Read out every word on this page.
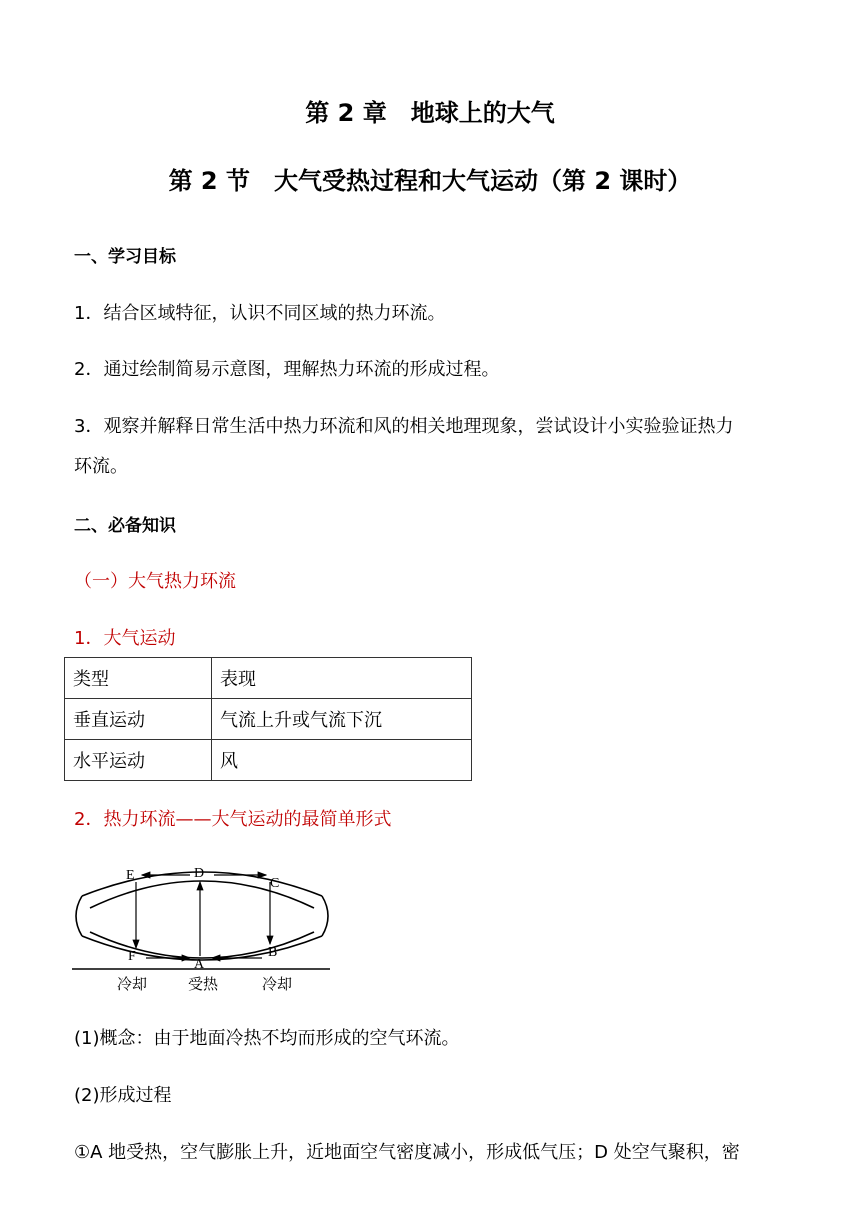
第 2 章　地球上的大气
第 2 节　大气受热过程和大气运动（第 2 课时）
一、学习目标
1．结合区域特征，认识不同区域的热力环流。
2．通过绘制简易示意图，理解热力环流的形成过程。
3．观察并解释日常生活中热力环流和风的相关地理现象，尝试设计小实验验证热力
环流。
二、必备知识
（一）大气热力环流
1．大气运动
类型	表现
垂直运动	气流上升或气流下沉
水平运动	风
2．热力环流——大气运动的最简单形式
E	D
C
F
A
B
冷却	受热	冷却
(1)概念：由于地面冷热不均而形成的空气环流。
(2)形成过程
①A 地受热，空气膨胀上升，近地面空气密度减小，形成低气压；D 处空气聚积，密
